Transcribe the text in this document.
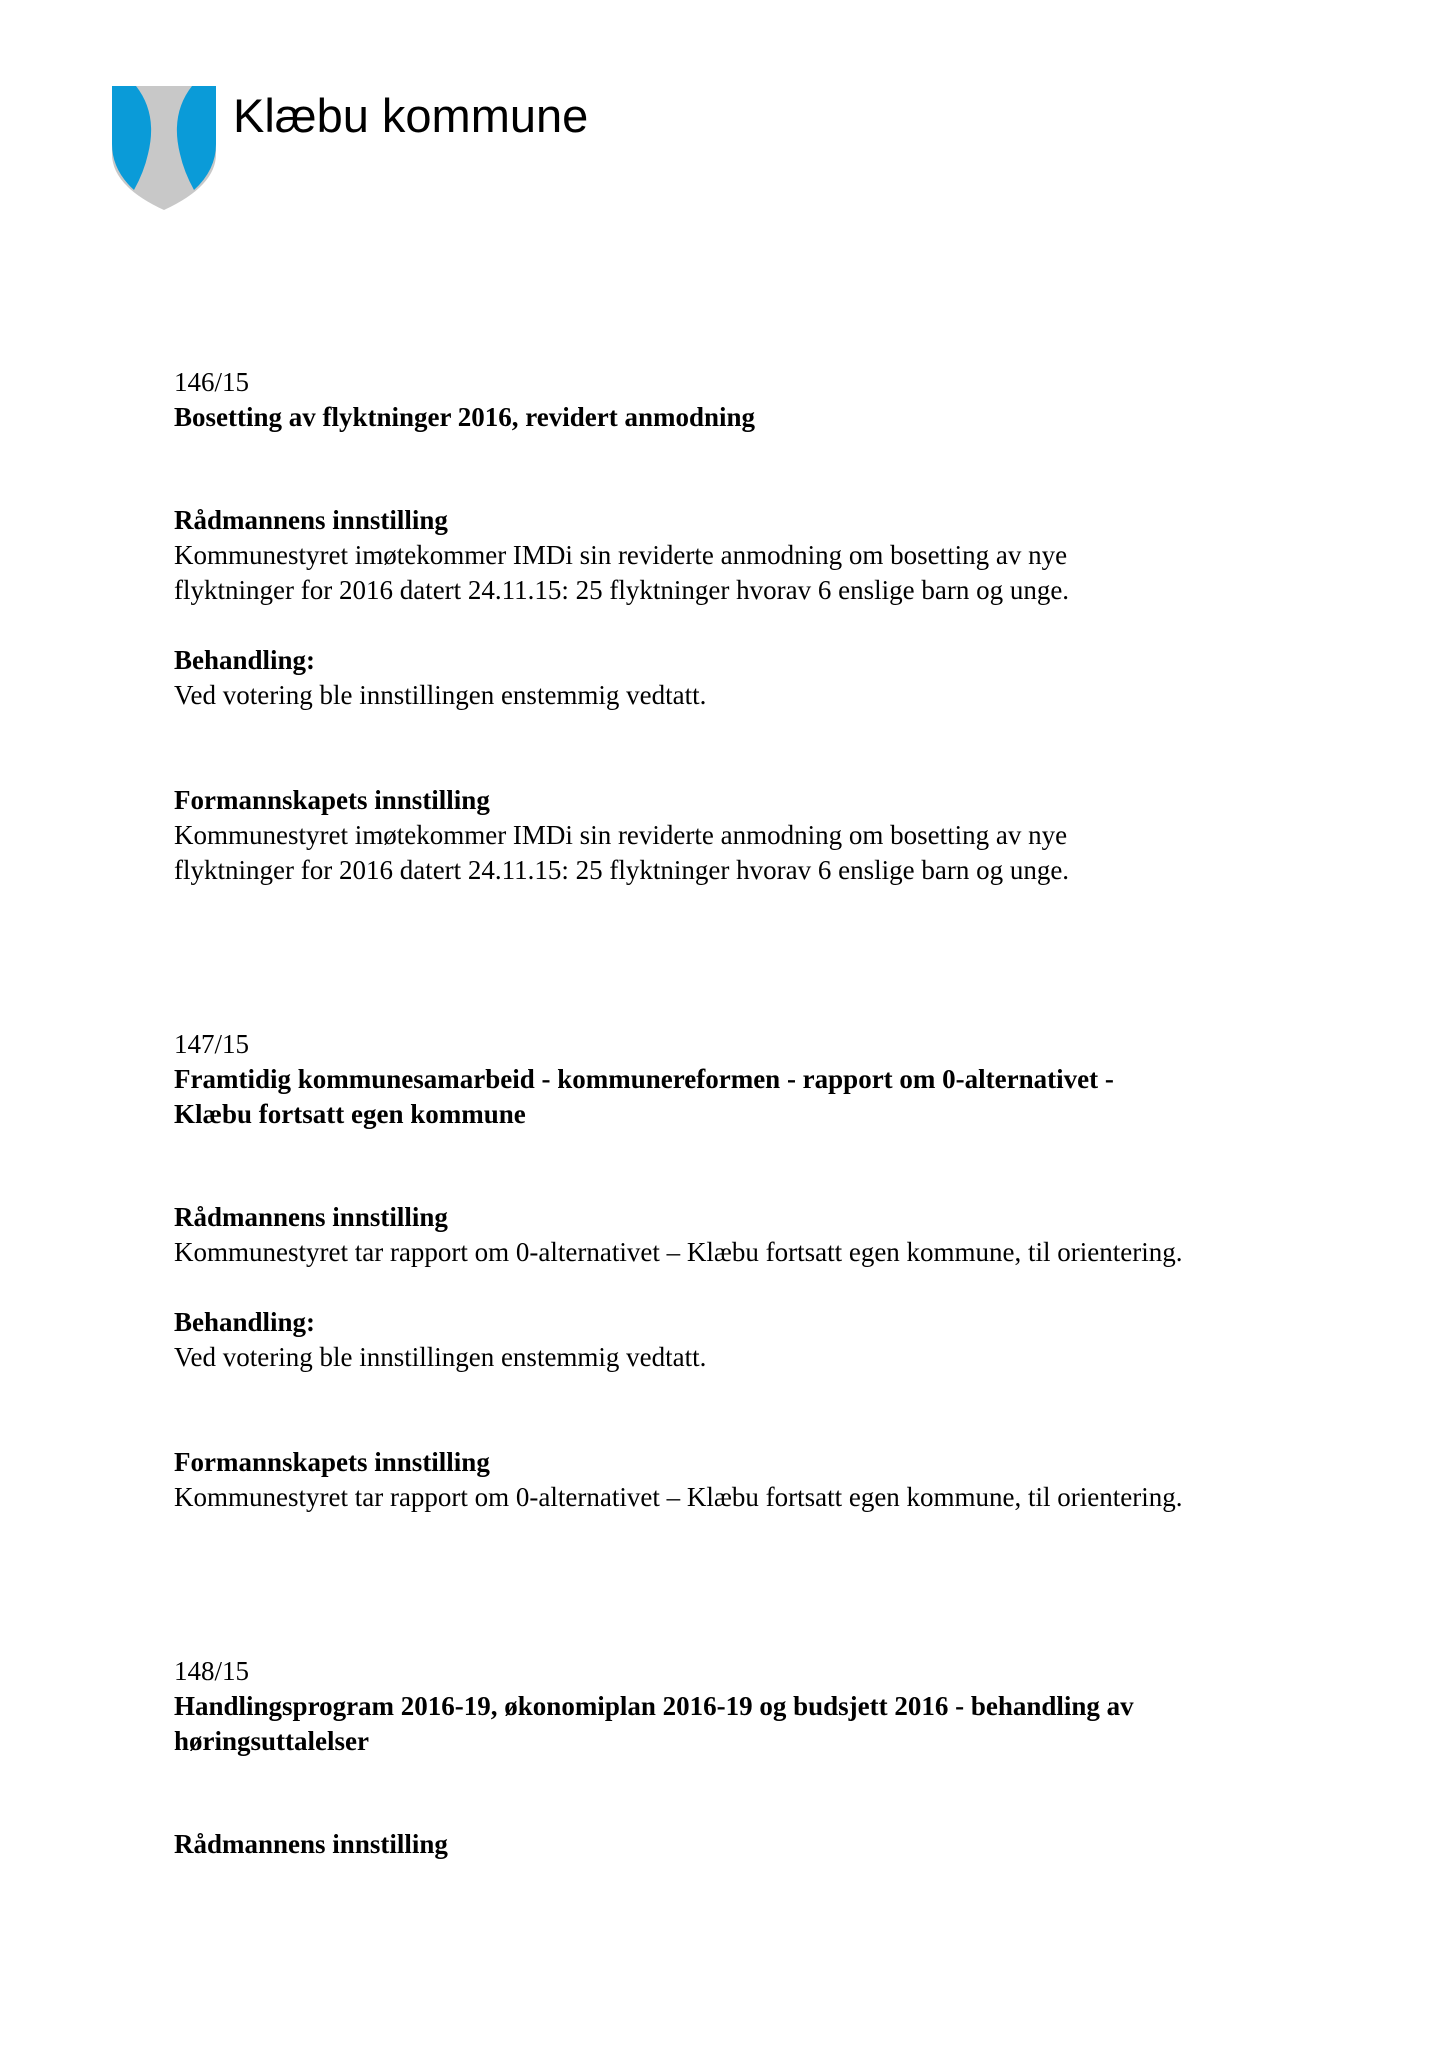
Klæbu kommune

146/15

Bosetting av flyktninger 2016, revidert anmodning

Rådmannens innstilling

Kommunestyret imøtekommer IMDi sin reviderte anmodning om bosetting av nye
flyktninger for 2016 datert 24.11.15: 25 flyktninger hvorav 6 enslige barn og unge.

Behandling:

Ved votering ble innstillingen enstemmig vedtatt.

Formannskapets innstilling

Kommunestyret imøtekommer IMDi sin reviderte anmodning om bosetting av nye
flyktninger for 2016 datert 24.11.15: 25 flyktninger hvorav 6 enslige barn og unge.

147/15

Framtidig kommunesamarbeid - kommunereformen - rapport om 0-alternativet -
Klæbu fortsatt egen kommune

Rådmannens innstilling

Kommunestyret tar rapport om 0-alternativet – Klæbu fortsatt egen kommune, til orientering.

Behandling:

Ved votering ble innstillingen enstemmig vedtatt.

Formannskapets innstilling

Kommunestyret tar rapport om 0-alternativet – Klæbu fortsatt egen kommune, til orientering.

148/15

Handlingsprogram 2016-19, økonomiplan 2016-19 og budsjett 2016 - behandling av
høringsuttalelser

Rådmannens innstilling
